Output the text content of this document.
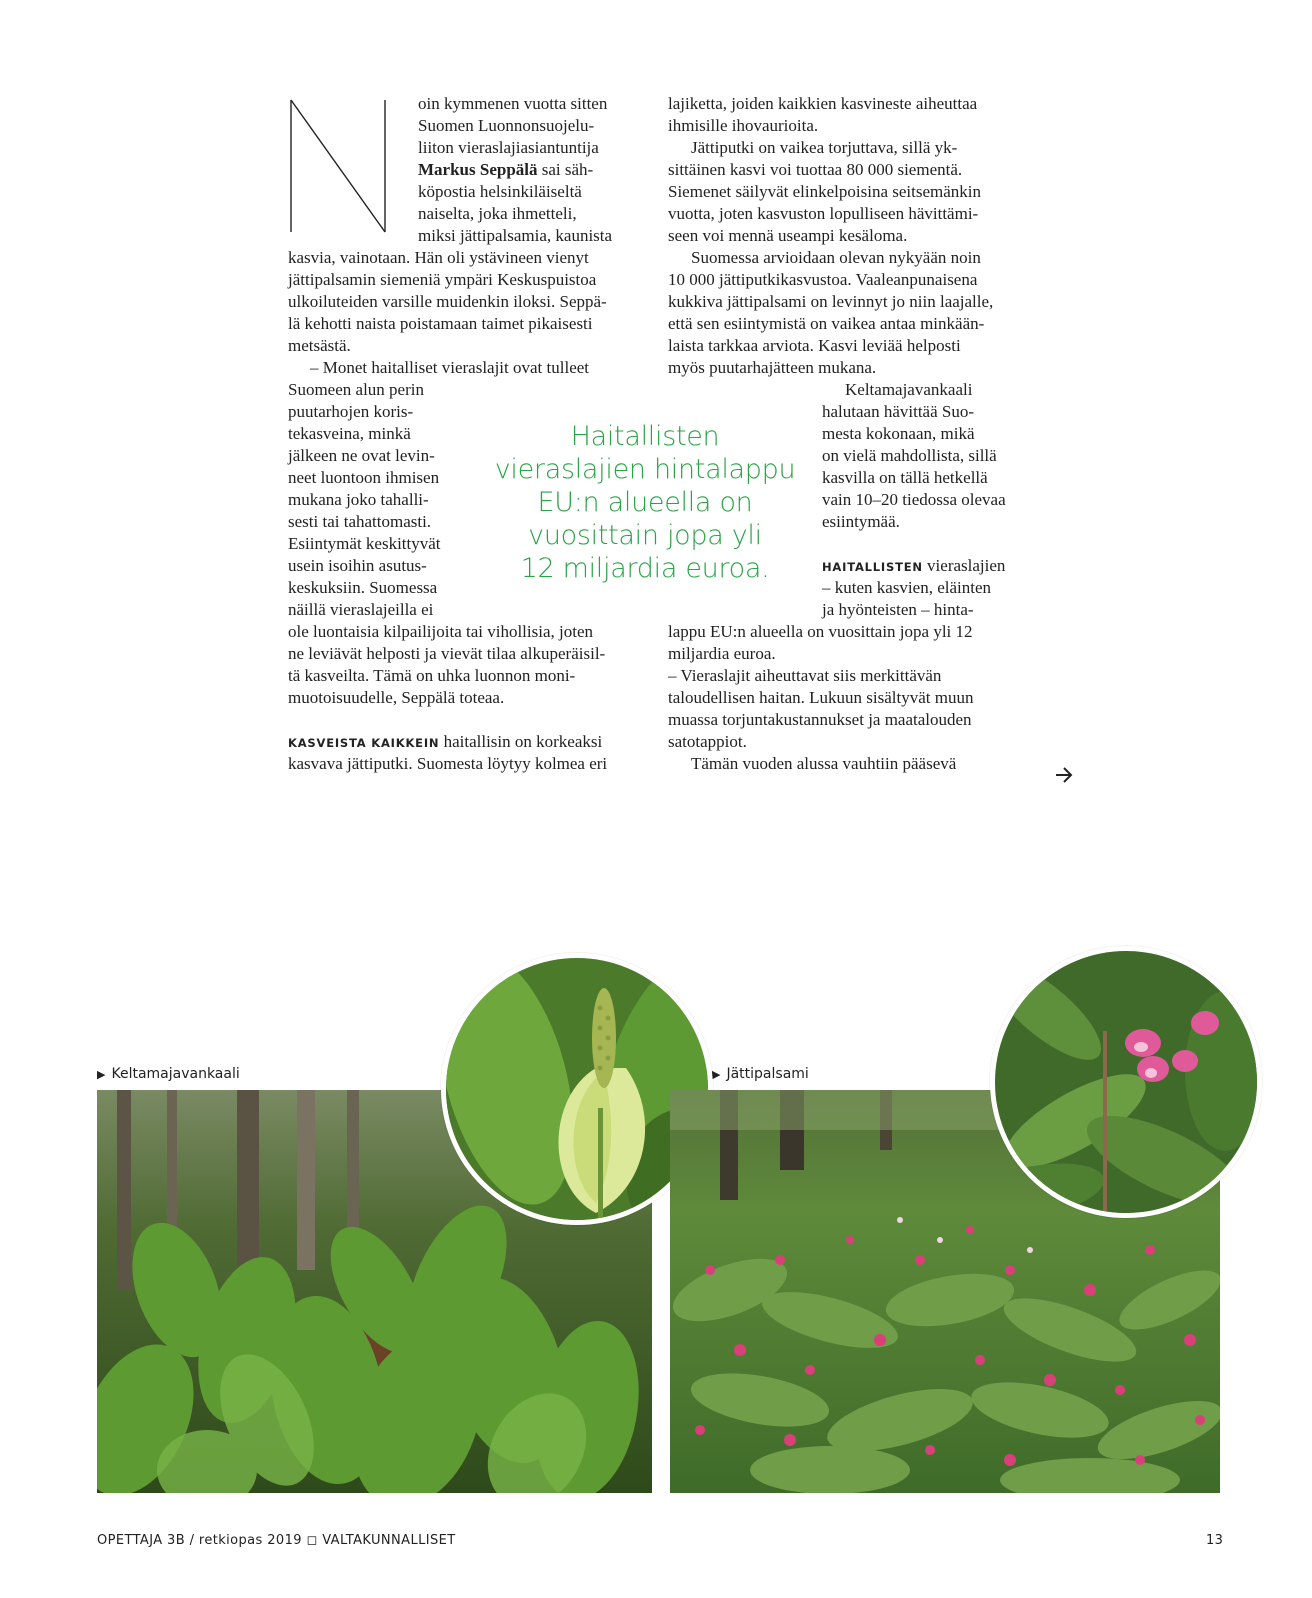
oin kymmenen vuotta sitten
Suomen Luonnonsuojelu-
liiton vieraslajiasiantuntija
Markus Seppälä sai säh-
köpostia helsinkiläiseltä
naiselta, joka ihmetteli,
miksi jättipalsamia, kaunista
kasvia, vainotaan. Hän oli ystävineen vienyt
jättipalsamin siemeniä ympäri Keskuspuistoa
ulkoiluteiden varsille muidenkin iloksi. Seppä-
lä kehotti naista poistamaan taimet pikaisesti
metsästä.
– Monet haitalliset vieraslajit ovat tulleet
Suomeen alun perin
puutarhojen koris-
tekasveina, minkä
jälkeen ne ovat levin-
neet luontoon ihmisen
mukana joko tahalli-
sesti tai tahattomasti.
Esiintymät keskittyvät
usein isoihin asutus-
keskuksiin. Suomessa
näillä vieraslajeilla ei
ole luontaisia kilpailijoita tai vihollisia, joten
ne leviävät helposti ja vievät tilaa alkuperäisil-
tä kasveilta. Tämä on uhka luonnon moni-
muotoisuudelle, Seppälä toteaa.
KASVEISTA KAIKKEIN haitallisin on korkeaksi
kasvava jättiputki. Suomesta löytyy kolmea eri
lajiketta, joiden kaikkien kasvineste aiheuttaa
ihmisille ihovaurioita.
Jättiputki on vaikea torjuttava, sillä yk-
sittäinen kasvi voi tuottaa 80 000 siementä.
Siemenet säilyvät elinkelpoisina seitsemänkin
vuotta, joten kasvuston lopulliseen hävittämi-
seen voi mennä useampi kesäloma.
Suomessa arvioidaan olevan nykyään noin
10 000 jättiputkikasvustoa. Vaaleanpunaisena
kukkiva jättipalsami on levinnyt jo niin laajalle,
että sen esiintymistä on vaikea antaa minkään-
laista tarkkaa arviota. Kasvi leviää helposti
myös puutarhajätteen mukana.
Keltamajavankaali
halutaan hävittää Suo-
mesta kokonaan, mikä
on vielä mahdollista, sillä
kasvilla on tällä hetkellä
vain 10–20 tiedossa olevaa
esiintymää.
HAITALLISTEN vieraslajien
– kuten kasvien, eläinten
ja hyönteisten – hinta-
lappu EU:n alueella on vuosittain jopa yli 12
miljardia euroa.
– Vieraslajit aiheuttavat siis merkittävän
taloudellisen haitan. Lukuun sisältyvät muun
muassa torjuntakustannukset ja maatalouden
satotappiot.
Tämän vuoden alussa vauhtiin pääsevä
Haitallisten
vieraslajien hintalappu
EU:n alueella on
vuosittain jopa yli
12 miljardia euroa.
▶ Keltamajavankaali	▶ Jättipalsami
OPETTAJA 3B / retkiopas 2019 ◻ VALTAKUNNALLISET	13
